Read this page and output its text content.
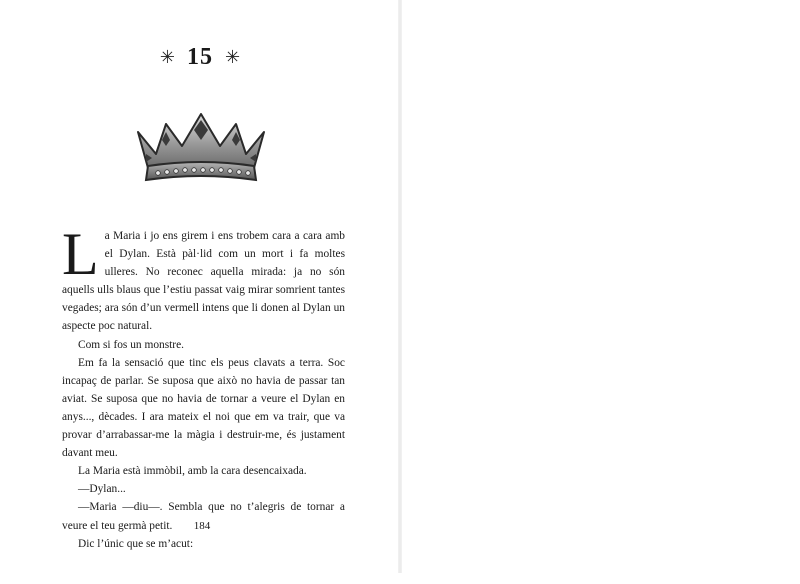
✳ 15 ✳

La Maria i jo ens girem i ens trobem cara a cara amb el Dylan. Està pàl·lid com un mort i fa moltes ulleres. No reconec aquella mirada: ja no són aquells ulls blaus que l’estiu passat vaig mirar somrient tantes vegades; ara són d’un vermell intens que li donen al Dylan un aspecte poc natural.

Com si fos un monstre.

Em fa la sensació que tinc els peus clavats a terra. Soc incapaç de parlar. Se suposa que això no havia de passar tan aviat. Se suposa que no havia de tornar a veure el Dylan en anys..., dècades. I ara mateix el noi que em va trair, que va provar d’arrabassar-me la màgia i destruir-me, és justament davant meu.

La Maria està immòbil, amb la cara desencaixada.

—Dylan...

—Maria —diu—. Sembla que no t’alegris de tornar a veure el teu germà petit.

Dic l’únic que se m’acut:

184
